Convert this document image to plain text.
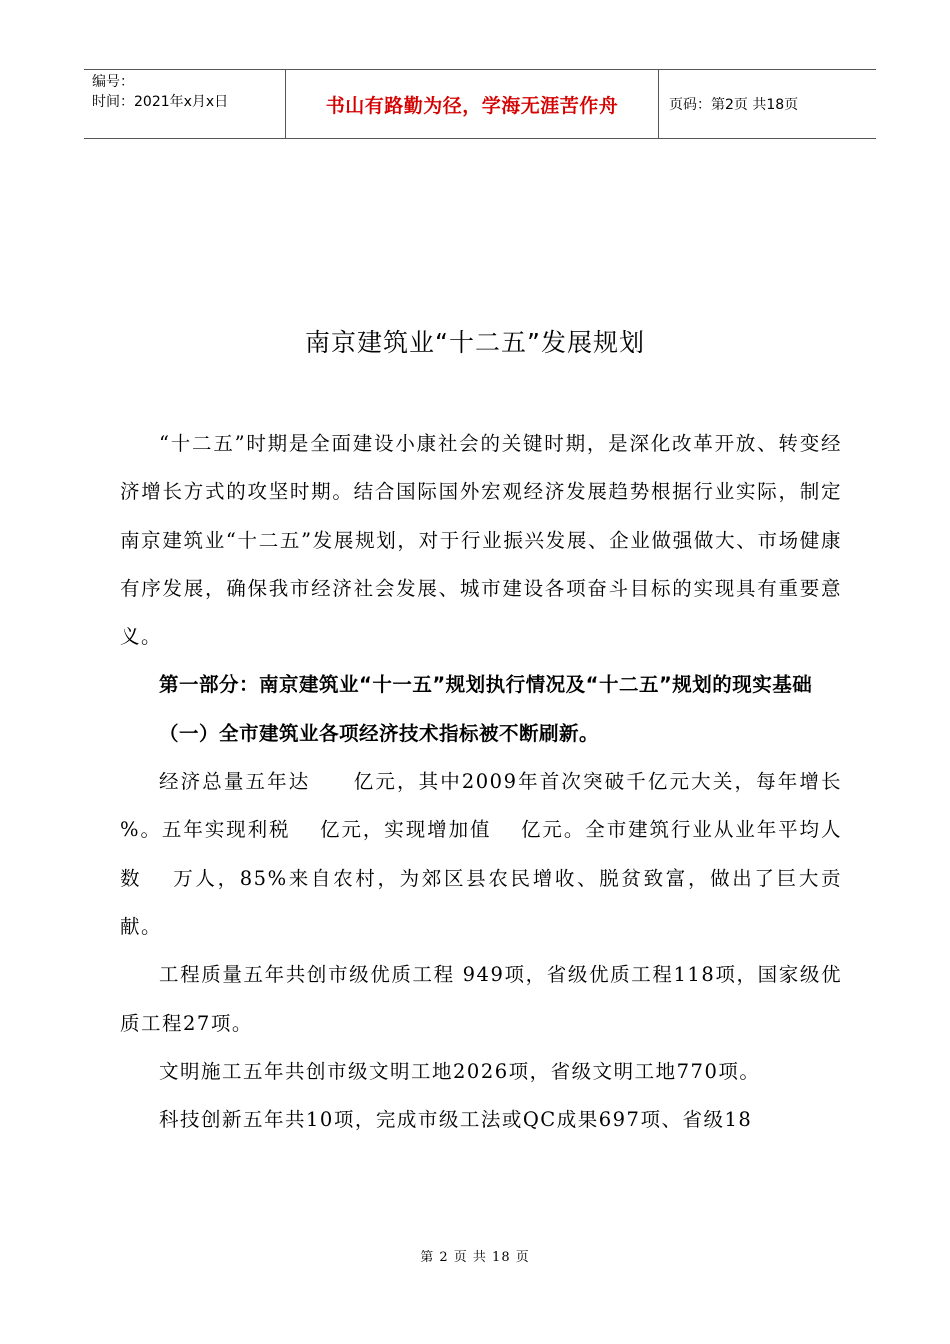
编号：
时间：2021年x月x日	书山有路勤为径，学海无涯苦作舟	页码：第2页 共18页
南京建筑业“十二五”发展规划

“十二五”时期是全面建设小康社会的关键时期，是深化改革开放、转变经济增长方式的攻坚时期。结合国际国外宏观经济发展趋势根据行业实际，制定南京建筑业“十二五”发展规划，对于行业振兴发展、企业做强做大、市场健康有序发展，确保我市经济社会发展、城市建设各项奋斗目标的实现具有重要意义。

第一部分：南京建筑业“十一五”规划执行情况及“十二五”规划的现实基础

（一）全市建筑业各项经济技术指标被不断刷新。

经济总量五年达　　亿元，其中2009年首次突破千亿元大关，每年增长　%。五年实现利税　 亿元，实现增加值　 亿元。全市建筑行业从业年平均人数　 万人，85%来自农村，为郊区县农民增收、脱贫致富，做出了巨大贡献。

工程质量五年共创市级优质工程 949项，省级优质工程118项，国家级优质工程27项。

文明施工五年共创市级文明工地2026项，省级文明工地770项。

科技创新五年共10项，完成市级工法或QC成果697项、省级18

第 2 页 共 18 页
